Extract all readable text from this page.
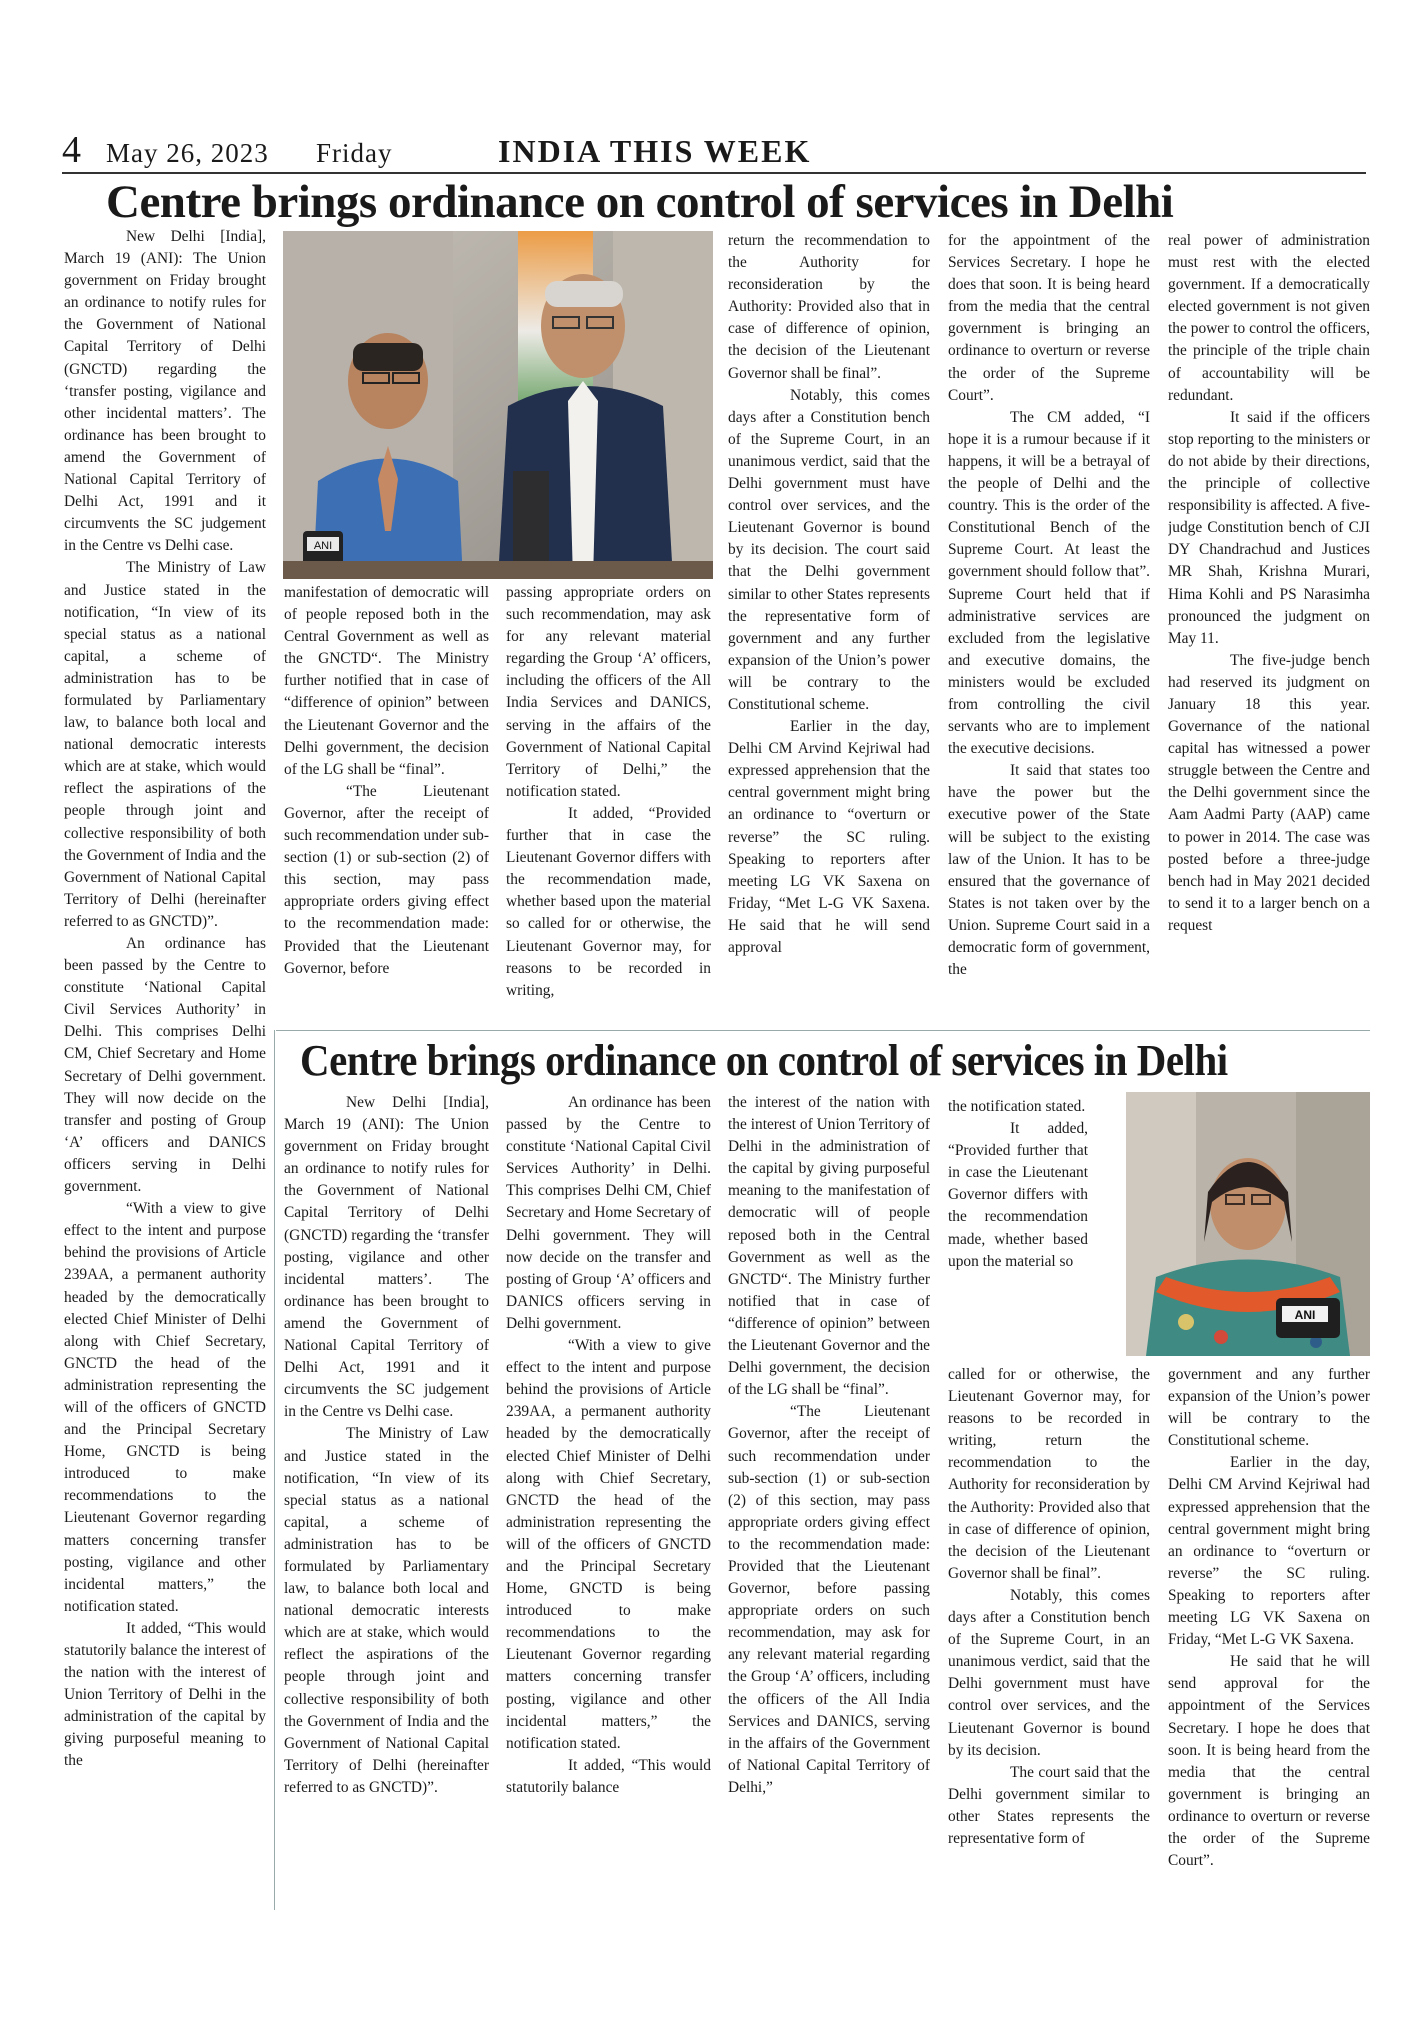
4 May 26, 2023 Friday	INDIA THIS WEEK
Centre brings ordinance on control of services in Delhi

New Delhi [India], March 19 (ANI): The Union government on Friday brought an ordinance to notify rules for the Government of National Capital Territory of Delhi (GNCTD) regarding the ‘transfer posting, vigilance and other incidental matters’. The ordinance has been brought to amend the Government of National Capital Territory of Delhi Act, 1991 and it circumvents the SC judgement in the Centre vs Delhi case.

The Ministry of Law and Justice stated in the notification, “In view of its special status as a national capital, a scheme of administration has to be formulated by Parliamentary law, to balance both local and national democratic interests which are at stake, which would reflect the aspirations of the people through joint and collective responsibility of both the Government of India and the Government of National Capital Territory of Delhi (hereinafter referred to as GNCTD)”.

An ordinance has been passed by the Centre to constitute ‘National Capital Civil Services Authority’ in Delhi. This comprises Delhi CM, Chief Secretary and Home Secretary of Delhi government. They will now decide on the transfer and posting of Group ‘A’ officers and DANICS officers serving in Delhi government.

“With a view to give effect to the intent and purpose behind the provisions of Article 239AA, a permanent authority headed by the democratically elected Chief Minister of Delhi along with Chief Secretary, GNCTD the head of the administration representing the will of the officers of GNCTD and the Principal Secretary Home, GNCTD is being introduced to make recommendations to the Lieutenant Governor regarding matters concerning transfer posting, vigilance and other incidental matters,” the notification stated.

It added, “This would statutorily balance the interest of the nation with the interest of Union Territory of Delhi in the administration of the capital by giving purposeful meaning to the

ANI

manifestation of democratic will of people reposed both in the Central Government as well as the GNCTD“. The Ministry further notified that in case of “difference of opinion” between the Lieutenant Governor and the Delhi government, the decision of the LG shall be “final”.

“The Lieutenant Governor, after the receipt of such recommendation under sub-section (1) or sub-section (2) of this section, may pass appropriate orders giving effect to the recommendation made: Provided that the Lieutenant Governor, before

passing appropriate orders on such recommendation, may ask for any relevant material regarding the Group ‘A’ officers, including the officers of the All India Services and DANICS, serving in the affairs of the Government of National Capital Territory of Delhi,” the notification stated.

It added, “Provided further that in case the Lieutenant Governor differs with the recommendation made, whether based upon the material so called for or otherwise, the Lieutenant Governor may, for reasons to be recorded in writing,

return the recommendation to the Authority for reconsideration by the Authority: Provided also that in case of difference of opinion, the decision of the Lieutenant Governor shall be final”.

Notably, this comes days after a Constitution bench of the Supreme Court, in an unanimous verdict, said that the Delhi government must have control over services, and the Lieutenant Governor is bound by its decision. The court said that the Delhi government similar to other States represents the representative form of government and any further expansion of the Union’s power will be contrary to the Constitutional scheme.

Earlier in the day, Delhi CM Arvind Kejriwal had expressed apprehension that the central government might bring an ordinance to “overturn or reverse” the SC ruling. Speaking to reporters after meeting LG VK Saxena on Friday, “Met L-G VK Saxena. He said that he will send approval

for the appointment of the Services Secretary. I hope he does that soon. It is being heard from the media that the central government is bringing an ordinance to overturn or reverse the order of the Supreme Court”.

The CM added, “I hope it is a rumour because if it happens, it will be a betrayal of the people of Delhi and the country. This is the order of the Constitutional Bench of the Supreme Court. At least the government should follow that”. Supreme Court held that if administrative services are excluded from the legislative and executive domains, the ministers would be excluded from controlling the civil servants who are to implement the executive decisions.

It said that states too have the power but the executive power of the State will be subject to the existing law of the Union. It has to be ensured that the governance of States is not taken over by the Union. Supreme Court said in a democratic form of government, the

real power of administration must rest with the elected government. If a democratically elected government is not given the power to control the officers, the principle of the triple chain of accountability will be redundant.

It said if the officers stop reporting to the ministers or do not abide by their directions, the principle of collective responsibility is affected. A five-judge Constitution bench of CJI DY Chandrachud and Justices MR Shah, Krishna Murari, Hima Kohli and PS Narasimha pronounced the judgment on May 11.

The five-judge bench had reserved its judgment on January 18 this year. Governance of the national capital has witnessed a power struggle between the Centre and the Delhi government since the Aam Aadmi Party (AAP) came to power in 2014. The case was posted before a three-judge bench had in May 2021 decided to send it to a larger bench on a request

Centre brings ordinance on control of services in Delhi

New Delhi [India], March 19 (ANI): The Union government on Friday brought an ordinance to notify rules for the Government of National Capital Territory of Delhi (GNCTD) regarding the ‘transfer posting, vigilance and other incidental matters’. The ordinance has been brought to amend the Government of National Capital Territory of Delhi Act, 1991 and it circumvents the SC judgement in the Centre vs Delhi case.

The Ministry of Law and Justice stated in the notification, “In view of its special status as a national capital, a scheme of administration has to be formulated by Parliamentary law, to balance both local and national democratic interests which are at stake, which would reflect the aspirations of the people through joint and collective responsibility of both the Government of India and the Government of National Capital Territory of Delhi (hereinafter referred to as GNCTD)”.

An ordinance has been passed by the Centre to constitute ‘National Capital Civil Services Authority’ in Delhi. This comprises Delhi CM, Chief Secretary and Home Secretary of Delhi government. They will now decide on the transfer and posting of Group ‘A’ officers and DANICS officers serving in Delhi government.

“With a view to give effect to the intent and purpose behind the provisions of Article 239AA, a permanent authority headed by the democratically elected Chief Minister of Delhi along with Chief Secretary, GNCTD the head of the administration representing the will of the officers of GNCTD and the Principal Secretary Home, GNCTD is being introduced to make recommendations to the Lieutenant Governor regarding matters concerning transfer posting, vigilance and other incidental matters,” the notification stated.

It added, “This would statutorily balance

the interest of the nation with the interest of Union Territory of Delhi in the administration of the capital by giving purposeful meaning to the manifestation of democratic will of people reposed both in the Central Government as well as the GNCTD“. The Ministry further notified that in case of “difference of opinion” between the Lieutenant Governor and the Delhi government, the decision of the LG shall be “final”.

“The Lieutenant Governor, after the receipt of such recommendation under sub-section (1) or sub-section (2) of this section, may pass appropriate orders giving effect to the recommendation made: Provided that the Lieutenant Governor, before passing appropriate orders on such recommendation, may ask for any relevant material regarding the Group ‘A’ officers, including the officers of the All India Services and DANICS, serving in the affairs of the Government of National Capital Territory of Delhi,”

the notification stated.

It added, “Provided further that in case the Lieutenant Governor differs with the recommendation made, whether based upon the material so

ANI

called for or otherwise, the Lieutenant Governor may, for reasons to be recorded in writing, return the recommendation to the Authority for reconsideration by the Authority: Provided also that in case of difference of opinion, the decision of the Lieutenant Governor shall be final”.

Notably, this comes days after a Constitution bench of the Supreme Court, in an unanimous verdict, said that the Delhi government must have control over services, and the Lieutenant Governor is bound by its decision.

The court said that the Delhi government similar to other States represents the representative form of

government and any further expansion of the Union’s power will be contrary to the Constitutional scheme.

Earlier in the day, Delhi CM Arvind Kejriwal had expressed apprehension that the central government might bring an ordinance to “overturn or reverse” the SC ruling. Speaking to reporters after meeting LG VK Saxena on Friday, “Met L-G VK Saxena.

He said that he will send approval for the appointment of the Services Secretary. I hope he does that soon. It is being heard from the media that the central government is bringing an ordinance to overturn or reverse the order of the Supreme Court”.
